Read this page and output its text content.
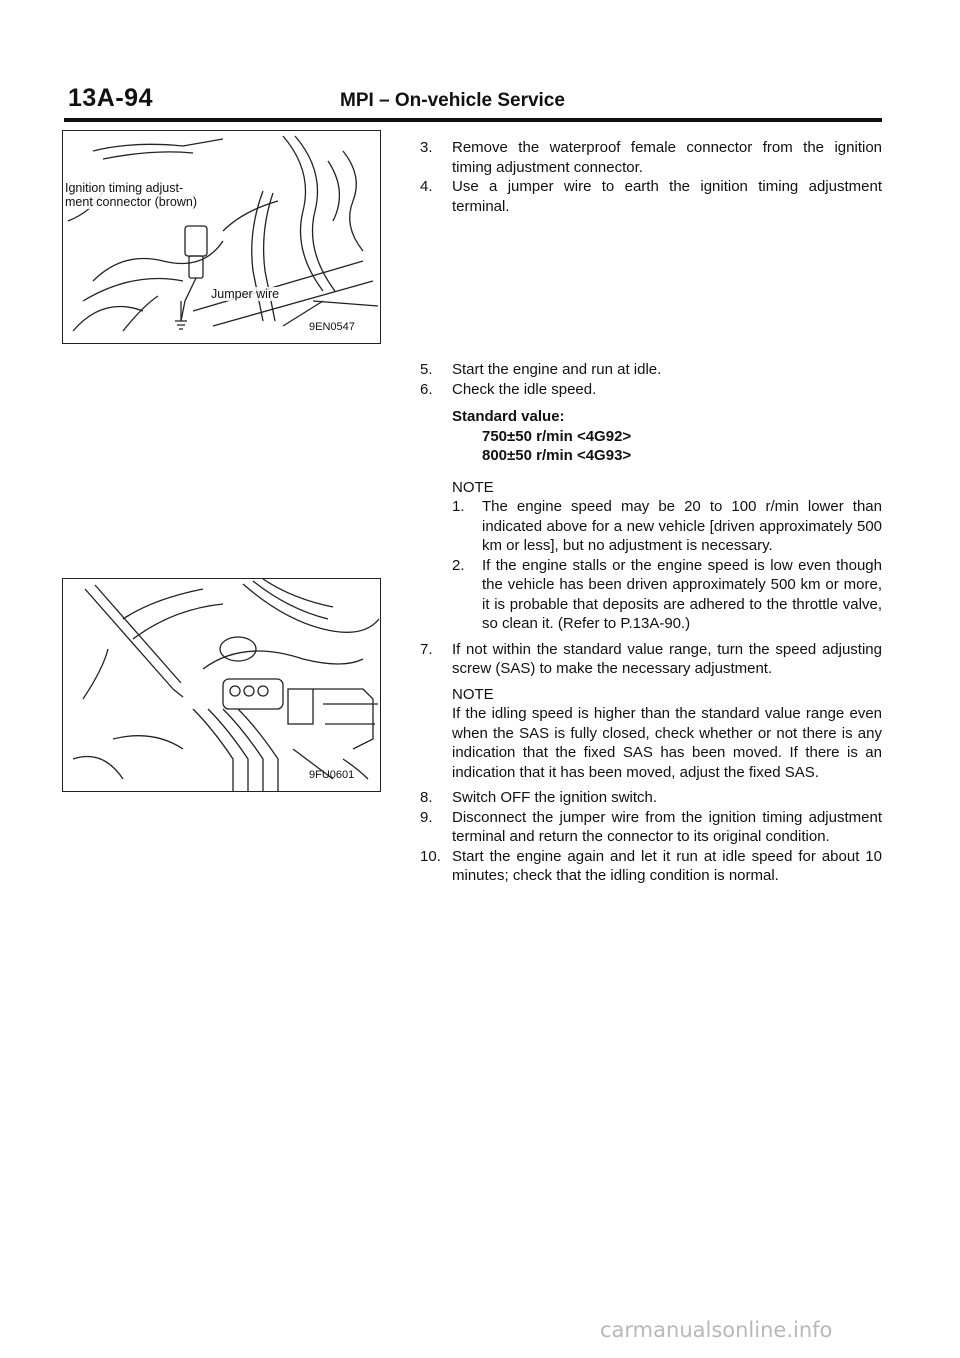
13A-94	MPI – On-vehicle Service
Ignition timing adjust-
ment connector (brown)
Jumper wire
9EN0547
9FU0601
3. Remove the waterproof female connector from the ignition timing adjustment connector.
4. Use a jumper wire to earth the ignition timing adjustment terminal.
5. Start the engine and run at idle.
6. Check the idle speed.
Standard value:
750±50 r/min <4G92>
800±50 r/min <4G93>
NOTE
1. The engine speed may be 20 to 100 r/min lower than indicated above for a new vehicle [driven approximately 500 km or less], but no adjustment is necessary.
2. If the engine stalls or the engine speed is low even though the vehicle has been driven approximately 500 km or more, it is probable that deposits are adhered to the throttle valve, so clean it. (Refer to P.13A-90.)
7. If not within the standard value range, turn the speed adjusting screw (SAS) to make the necessary adjustment.
NOTE
If the idling speed is higher than the standard value range even when the SAS is fully closed, check whether or not there is any indication that the fixed SAS has been moved. If there is an indication that it has been moved, adjust the fixed SAS.
8. Switch OFF the ignition switch.
9. Disconnect the jumper wire from the ignition timing adjustment terminal and return the connector to its original condition.
10. Start the engine again and let it run at idle speed for about 10 minutes; check that the idling condition is normal.
carmanualsonline.info
